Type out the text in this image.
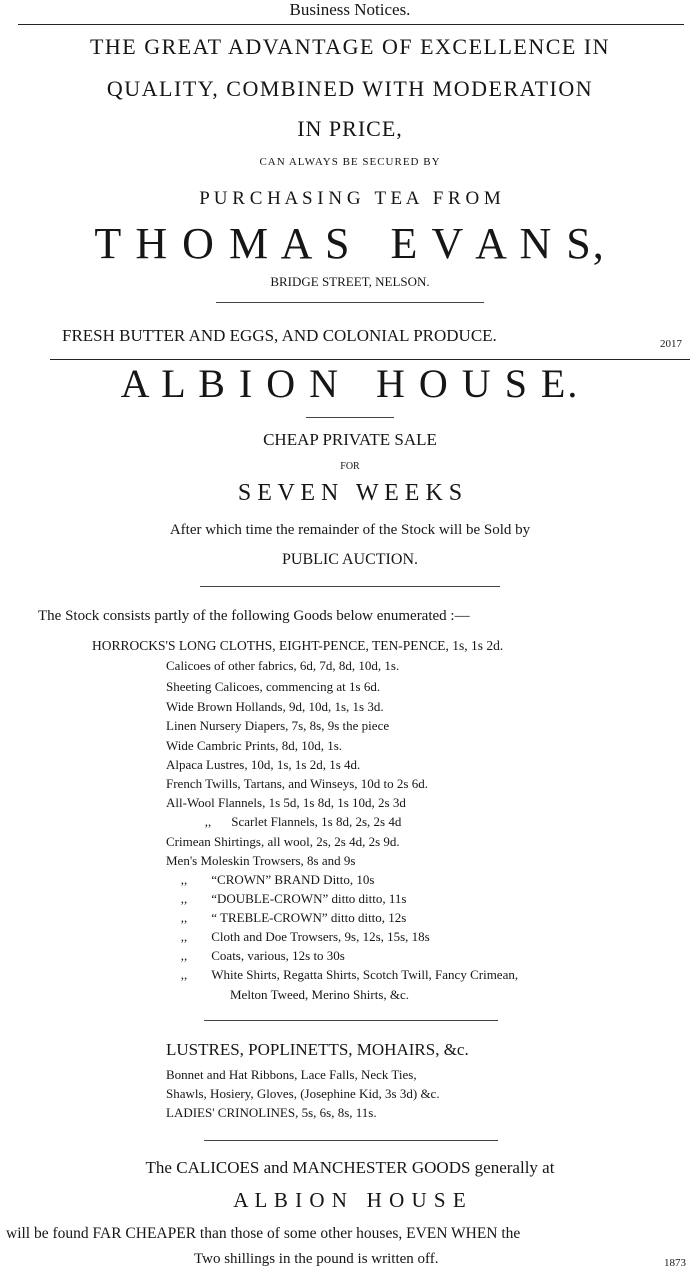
Business Notices.
THE GREAT ADVANTAGE OF EXCELLENCE IN
QUALITY, COMBINED WITH MODERATION
IN PRICE,
CAN ALWAYS BE SECURED BY
P U R C H A S I N G   T E A   F R O M
T H O M A S   E V A N S,
BRIDGE STREET, NELSON.
FRESH BUTTER AND EGGS, AND COLONIAL PRODUCE.	2017
A L B I O N   H O U S E.
CHEAP PRIVATE SALE
FOR
S E V E N   W E E K S
After which time the remainder of the Stock will be Sold by
PUBLIC AUCTION.
The Stock consists partly of the following Goods below enumerated :—
HORROCKS'S LONG CLOTHS, EIGHT-PENCE, TEN-PENCE, 1s, 1s 2d.
Calicoes of other fabrics, 6d, 7d, 8d, 10d, 1s.
Sheeting Calicoes, commencing at 1s 6d.
Wide Brown Hollands, 9d, 10d, 1s, 1s 3d.
Linen Nursery Diapers, 7s, 8s, 9s the piece
Wide Cambric Prints, 8d, 10d, 1s.
Alpaca Lustres, 10d, 1s, 1s 2d, 1s 4d.
French Twills, Tartans, and Winseys, 10d to 2s 6d.
All-Wool Flannels, 1s 5d, 1s 8d, 1s 10d, 2s 3d
,, Scarlet Flannels, 1s 8d, 2s, 2s 4d
Crimean Shirtings, all wool, 2s, 2s 4d, 2s 9d.
Men's Moleskin Trowsers, 8s and 9s
,, “CROWN” BRAND Ditto, 10s
,, “DOUBLE-CROWN” ditto ditto, 11s
,, “ TREBLE-CROWN” ditto ditto, 12s
,, Cloth and Doe Trowsers, 9s, 12s, 15s, 18s
,, Coats, various, 12s to 30s
,, White Shirts, Regatta Shirts, Scotch Twill, Fancy Crimean,
Melton Tweed, Merino Shirts, &c.
LUSTRES, POPLINETTS, MOHAIRS, &c.
Bonnet and Hat Ribbons, Lace Falls, Neck Ties,
Shawls, Hosiery, Gloves, (Josephine Kid, 3s 3d) &c.
LADIES' CRINOLINES, 5s, 6s, 8s, 11s.
The CALICOES and MANCHESTER GOODS generally at
A L B I O N   H O U S E
will be found FAR CHEAPER than those of some other houses, EVEN WHEN the
Two shillings in the pound is written off.	1873
